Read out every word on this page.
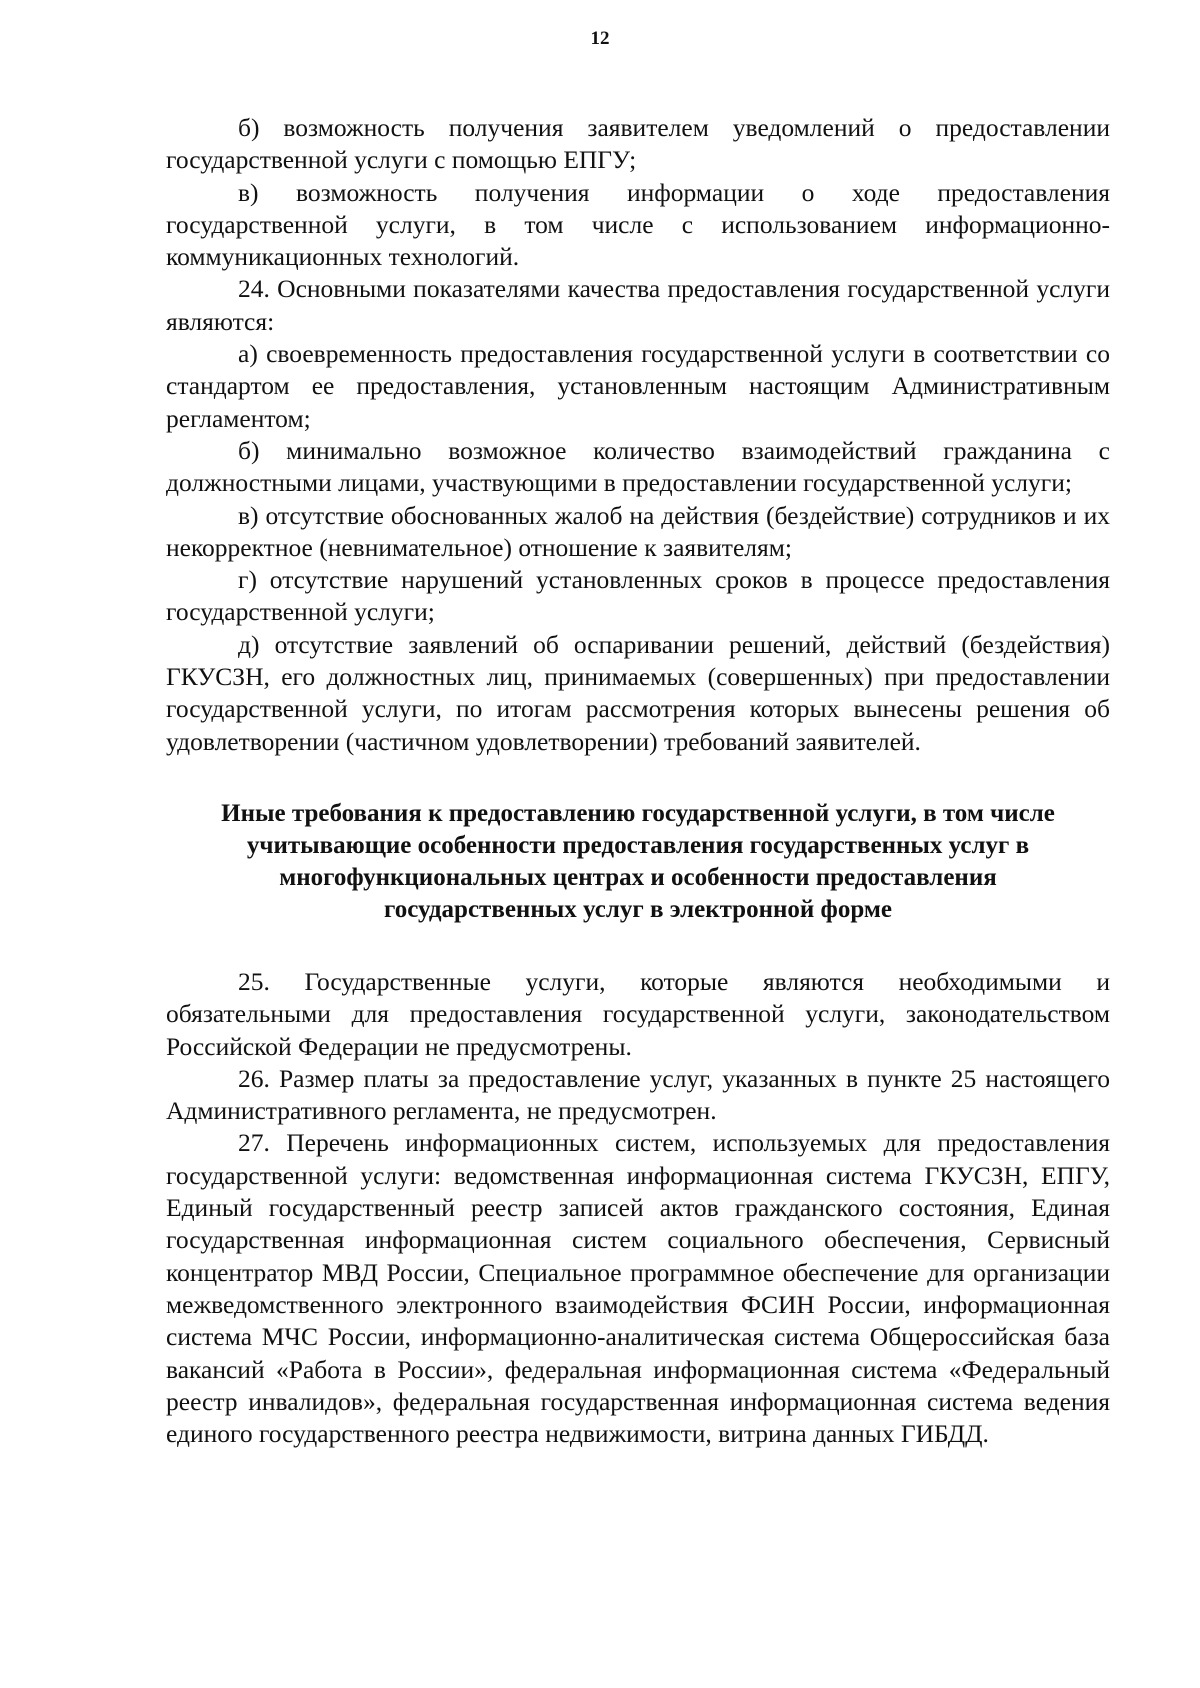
12

б) возможность получения заявителем уведомлений о предоставлении государственной услуги с помощью ЕПГУ;

в) возможность получения информации о ходе предоставления государственной услуги, в том числе с использованием информационно-коммуникационных технологий.

24. Основными показателями качества предоставления государственной услуги являются:

а) своевременность предоставления государственной услуги в соответствии со стандартом ее предоставления, установленным настоящим Административным регламентом;

б) минимально возможное количество взаимодействий гражданина с должностными лицами, участвующими в предоставлении государственной услуги;

в) отсутствие обоснованных жалоб на действия (бездействие) сотрудников и их некорректное (невнимательное) отношение к заявителям;

г) отсутствие нарушений установленных сроков в процессе предоставления государственной услуги;

д) отсутствие заявлений об оспаривании решений, действий (бездействия) ГКУСЗН, его должностных лиц, принимаемых (совершенных) при предоставлении государственной услуги, по итогам рассмотрения которых вынесены решения об удовлетворении (частичном удовлетворении) требований заявителей.

Иные требования к предоставлению государственной услуги, в том числе учитывающие особенности предоставления государственных услуг в многофункциональных центрах и особенности предоставления государственных услуг в электронной форме

25. Государственные услуги, которые являются необходимыми и обязательными для предоставления государственной услуги, законодательством Российской Федерации не предусмотрены.

26. Размер платы за предоставление услуг, указанных в пункте 25 настоящего Административного регламента, не предусмотрен.

27. Перечень информационных систем, используемых для предоставления государственной услуги: ведомственная информационная система ГКУСЗН, ЕПГУ, Единый государственный реестр записей актов гражданского состояния, Единая государственная информационная систем социального обеспечения, Сервисный концентратор МВД России, Специальное программное обеспечение для организации межведомственного электронного взаимодействия ФСИН России, информационная система МЧС России, информационно-аналитическая система Общероссийская база вакансий «Работа в России», федеральная информационная система «Федеральный реестр инвалидов», федеральная государственная информационная система ведения единого государственного реестра недвижимости, витрина данных ГИБДД.
